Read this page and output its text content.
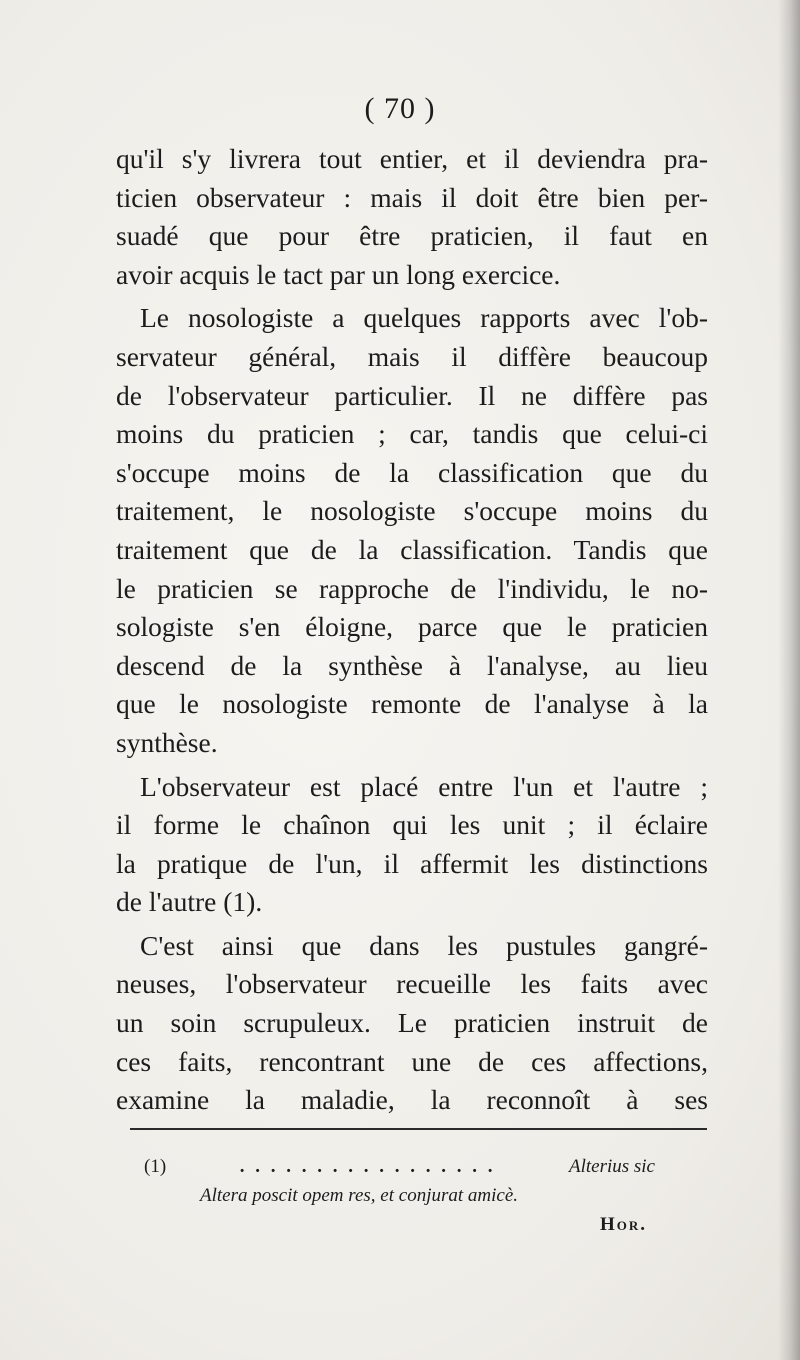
( 70 )
qu'il s'y livrera tout entier, et il deviendra pra-
ticien observateur : mais il doit être bien per-
suadé que pour être praticien, il faut en
avoir acquis le tact par un long exercice.
Le nosologiste a quelques rapports avec l'ob-
servateur général, mais il diffère beaucoup
de l'observateur particulier. Il ne diffère pas
moins du praticien ; car, tandis que celui-ci
s'occupe moins de la classification que du
traitement, le nosologiste s'occupe moins du
traitement que de la classification. Tandis que
le praticien se rapproche de l'individu, le no-
sologiste s'en éloigne, parce que le praticien
descend de la synthèse à l'analyse, au lieu
que le nosologiste remonte de l'analyse à la
synthèse.
L'observateur est placé entre l'un et l'autre ;
il forme le chaînon qui les unit ; il éclaire
la pratique de l'un, il affermit les distinctions
de l'autre (1).
C'est ainsi que dans les pustules gangré-
neuses, l'observateur recueille les faits avec
un soin scrupuleux. Le praticien instruit de
ces faits, rencontrant une de ces affections,
examine la maladie, la reconnoît à ses
(1)	. . . . . . . . . . . . . . . . .	Alterius sic
Altera poscit opem res, et conjurat amicè.
Hor.
